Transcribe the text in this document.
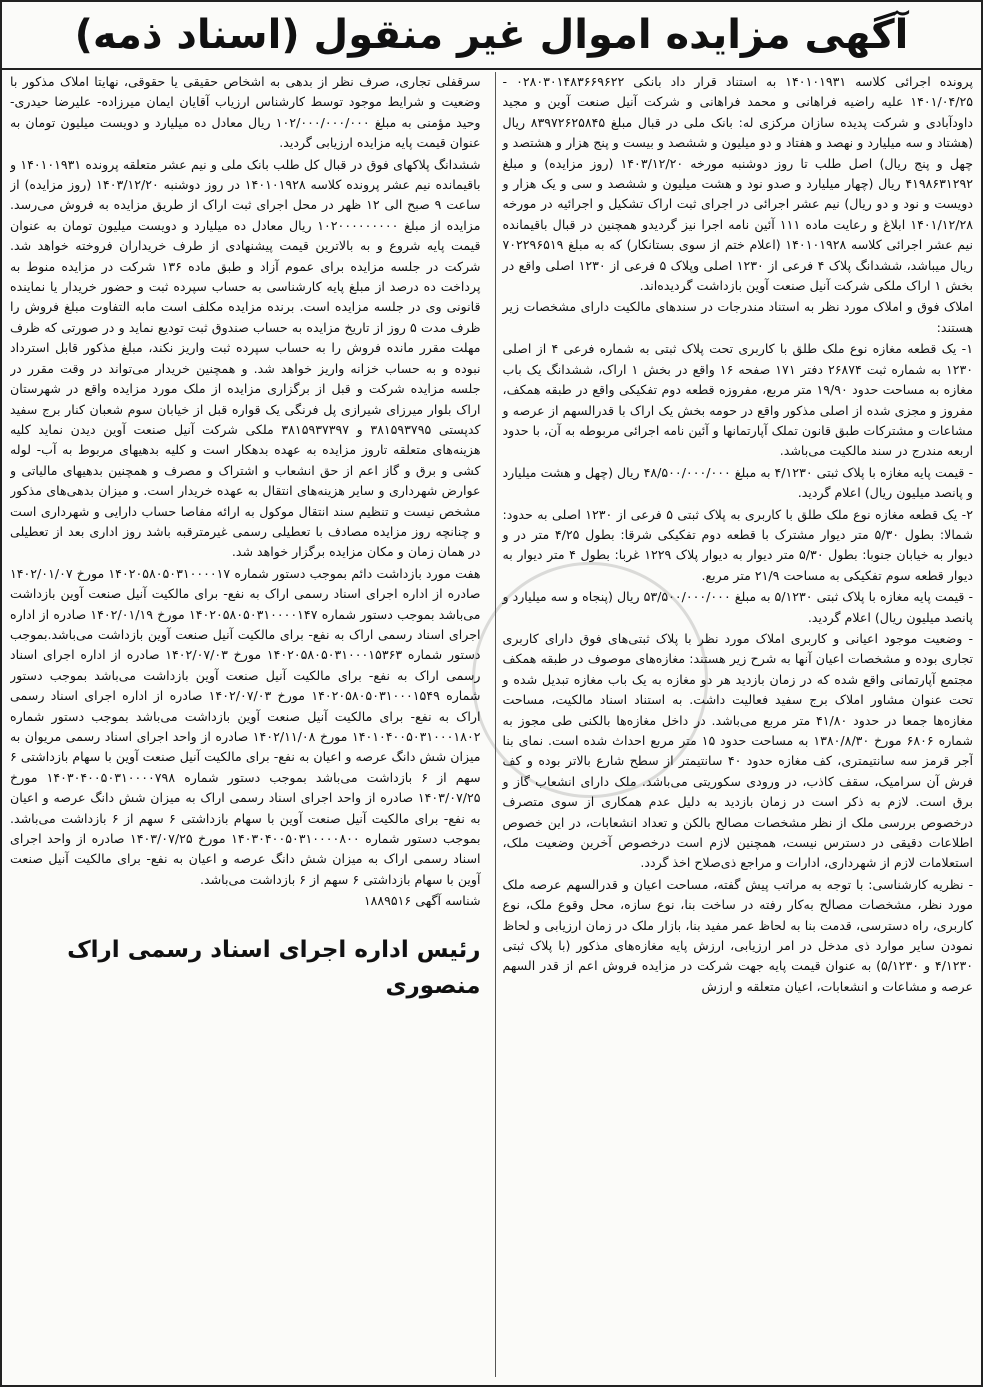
آگهی مزایده اموال غیر منقول (اسناد ذمه)

پرونده اجرائی کلاسه ۱۴۰۱۰۱۹۳۱ به استناد قرار داد بانکی ۰۲۸۰۳۰۱۴۸۳۶۶۹۶۲۲ - ۱۴۰۱/۰۴/۲۵ علیه راضیه فراهانی و محمد فراهانی و شرکت آنیل صنعت آوین و مجید داودآبادی و شرکت پدیده سازان مرکزی له: بانک ملی در قبال مبلغ ۸۳۹۷۲۶۲۵۸۴۵ ریال (هشتاد و سه میلیارد و نهصد و هفتاد و دو میلیون و ششصد و بیست و پنج هزار و هشتصد و چهل و پنج ریال) اصل طلب تا روز دوشنبه مورخه ۱۴۰۳/۱۲/۲۰ (روز مزایده) و مبلغ ۴۱۹۸۶۳۱۲۹۲ ریال (چهار میلیارد و صدو نود و هشت میلیون و ششصد و سی و یک هزار و دویست و نود و دو ریال) نیم عشر اجرائی در اجرای ثبت اراک تشکیل و اجرائیه در مورخه ۱۴۰۱/۱۲/۲۸ ابلاغ و رعایت ماده ۱۱۱ آئین نامه اجرا نیز گردیدو همچنین در قبال باقیمانده نیم عشر اجرائی کلاسه ۱۴۰۱۰۱۹۲۸ (اعلام ختم از سوی بستانکار) که به مبلغ ۷۰۲۲۹۶۵۱۹ ریال میباشد، ششدانگ پلاک ۴ فرعی از ۱۲۳۰ اصلی وپلاک ۵ فرعی از ۱۲۳۰ اصلی واقع در بخش ۱ اراک ملکی شرکت آنیل صنعت آوین بازداشت گردیده‌اند.

املاک فوق و املاک مورد نظر به استناد مندرجات در سندهای مالکیت دارای مشخصات زیر هستند:

۱- یک قطعه مغازه نوع ملک طلق با کاربری تحت پلاک ثبتی به شماره فرعی ۴ از اصلی ۱۲۳۰ به شماره ثبت ۲۶۸۷۴ دفتر ۱۷۱ صفحه ۱۶ واقع در بخش ۱ اراک، ششدانگ یک باب مغازه به مساحت حدود ۱۹/۹۰ متر مربع، مفروزه قطعه دوم تفکیکی واقع در طبقه همکف، مفروز و مجزی شده از اصلی مذکور واقع در حومه بخش یک اراک با قدرالسهم از عرصه و مشاعات و مشترکات طبق قانون تملک آپارتمانها و آئین نامه اجرائی مربوطه به آن، با حدود اربعه مندرج در سند مالکیت می‌باشد.

- قیمت پایه مغازه با پلاک ثبتی ۴/۱۲۳۰ به مبلغ ۴۸/۵۰۰/۰۰۰/۰۰۰ ریال (چهل و هشت میلیارد و پانصد میلیون ریال) اعلام گردید.

۲- یک قطعه مغازه نوع ملک طلق با کاربری به پلاک ثبتی ۵ فرعی از ۱۲۳۰ اصلی به حدود: شمالا: بطول ۵/۳۰ متر دیوار مشترک با قطعه دوم تفکیکی شرقا: بطول ۴/۲۵ متر در و دیوار به خیابان جنوبا: بطول ۵/۳۰ متر دیوار به دیوار پلاک ۱۲۲۹ غربا: بطول ۴ متر دیوار به دیوار قطعه سوم تفکیکی به مساحت ۲۱/۹ متر مربع.

- قیمت پایه مغازه با پلاک ثبتی ۵/۱۲۳۰ به مبلغ ۵۳/۵۰۰/۰۰۰/۰۰۰ ریال (پنجاه و سه میلیارد و پانصد میلیون ریال) اعلام گردید.

- وضعیت موجود اعیانی و کاربری املاک مورد نظر با پلاک ثبتی‌های فوق دارای کاربری تجاری بوده و مشخصات اعیان آنها به شرح زیر هستند: مغازه‌های موصوف در طبقه همکف مجتمع آپارتمانی واقع شده که در زمان بازدید هر دو مغازه به یک باب مغازه تبدیل شده و تحت عنوان مشاور املاک برج سفید فعالیت داشت. به استناد اسناد مالکیت، مساحت مغازه‌ها جمعا در حدود ۴۱/۸۰ متر مربع می‌باشد. در داخل مغازه‌ها بالکنی طی مجوز به شماره ۶۸۰۶ مورخ ۱۳۸۰/۸/۳۰ به مساحت حدود ۱۵ متر مربع احداث شده است. نمای بنا آجر قرمز سه سانتیمتری، کف مغازه حدود ۴۰ سانتیمتر از سطح شارع بالاتر بوده و کف فرش آن سرامیک، سقف کاذب، در ورودی سکوریتی می‌باشد. ملک دارای انشعاب گاز و برق است. لازم به ذکر است در زمان بازدید به دلیل عدم همکاری از سوی متصرف درخصوص بررسی ملک از نظر مشخصات مصالح بالکن و تعداد انشعابات، در این خصوص اطلاعات دقیقی در دسترس نیست، همچنین لازم است درخصوص آخرین وضعیت ملک، استعلامات لازم از شهرداری، ادارات و مراجع ذی‌صلاح اخذ گردد.

- نظریه کارشناسی: با توجه به مراتب پیش گفته، مساحت اعیان و قدرالسهم عرصه ملک مورد نظر، مشخصات مصالح به‌کار رفته در ساخت بنا، نوع سازه، محل وقوع ملک، نوع کاربری، راه دسترسی، قدمت بنا به لحاظ عمر مفید بنا، بازار ملک در زمان ارزیابی و لحاظ نمودن سایر موارد ذی مدخل در امر ارزیابی، ارزش پایه مغازه‌های مذکور (با پلاک ثبتی ۴/۱۲۳۰ و ۵/۱۲۳۰) به عنوان قیمت پایه جهت شرکت در مزایده فروش اعم از قدر السهم عرصه و مشاعات و انشعابات، اعیان متعلقه و ارزش

سرقفلی تجاری، صرف نظر از بدهی به اشخاص حقیقی یا حقوقی، نهایتا املاک مذکور با وضعیت و شرایط موجود توسط کارشناس ارزیاب آقایان ایمان میرزاده- علیرضا حیدری- وحید مؤمنی به مبلغ ۱۰۲/۰۰۰/۰۰۰/۰۰۰ ریال معادل ده میلیارد و دویست میلیون تومان به عنوان قیمت پایه مزایده ارزیابی گردید.

ششدانگ پلاکهای فوق در قبال کل طلب بانک ملی و نیم عشر متعلقه پرونده ۱۴۰۱۰۱۹۳۱ و باقیمانده نیم عشر پرونده کلاسه ۱۴۰۱۰۱۹۲۸ در روز دوشنبه ۱۴۰۳/۱۲/۲۰ (روز مزایده) از ساعت ۹ صبح الی ۱۲ ظهر در محل اجرای ثبت اراک از طریق مزایده به فروش می‌رسد. مزایده از مبلغ ۱۰۲۰۰۰۰۰۰۰۰۰ ریال معادل ده میلیارد و دویست میلیون تومان به عنوان قیمت پایه شروع و به بالاترین قیمت پیشنهادی از طرف خریداران فروخته خواهد شد. شرکت در جلسه مزایده برای عموم آزاد و طبق ماده ۱۳۶ شرکت در مزایده منوط به پرداخت ده درصد از مبلغ پایه کارشناسی به حساب سپرده ثبت و حضور خریدار یا نماینده قانونی وی در جلسه مزایده است. برنده مزایده مکلف است مابه التفاوت مبلغ فروش را ظرف مدت ۵ روز از تاریخ مزایده به حساب صندوق ثبت تودیع نماید و در صورتی که ظرف مهلت مقرر مانده فروش را به حساب سپرده ثبت واریز نکند، مبلغ مذکور قابل استرداد نبوده و به حساب خزانه واریز خواهد شد. و همچنین خریدار می‌تواند در وقت مقرر در جلسه مزایده شرکت و قبل از برگزاری مزایده از ملک مورد مزایده واقع در شهرستان اراک بلوار میرزای شیرازی پل فرنگی یک قواره قبل از خیابان سوم شعبان کنار برج سفید کدپستی ۳۸۱۵۹۳۷۹۵ و ۳۸۱۵۹۳۷۳۹۷ ملکی شرکت آنیل صنعت آوین دیدن نماید کلیه هزینه‌های متعلقه تاروز مزایده به عهده بدهکار است و کلیه بدهیهای مربوط به آب- لوله کشی و برق و گاز اعم از حق انشعاب و اشتراک و مصرف و همچنین بدهیهای مالیاتی و عوارض شهرداری و سایر هزینه‌های انتقال به عهده خریدار است. و میزان بدهی‌های مذکور مشخص نیست و تنظیم سند انتقال موکول به ارائه مفاصا حساب دارایی و شهرداری است و چنانچه روز مزایده مصادف با تعطیلی رسمی غیرمترقبه باشد روز اداری بعد از تعطیلی در همان زمان و مکان مزایده برگزار خواهد شد.

هفت مورد بازداشت دائم بموجب دستور شماره ۱۴۰۲۰۵۸۰۵۰۳۱۰۰۰۰۱۷ مورخ ۱۴۰۲/۰۱/۰۷ صادره از اداره اجرای اسناد رسمی اراک به نفع- برای مالکیت آنیل صنعت آوین بازداشت می‌باشد بموجب دستور شماره ۱۴۰۲۰۵۸۰۵۰۳۱۰۰۰۰۱۴۷ مورخ ۱۴۰۲/۰۱/۱۹ صادره از اداره اجرای اسناد رسمی اراک به نفع- برای مالکیت آنیل صنعت آوین بازداشت می‌باشد.بموجب دستور شماره ۱۴۰۲۰۵۸۰۵۰۳۱۰۰۰۱۵۳۶۳ مورخ ۱۴۰۲/۰۷/۰۳ صادره از اداره اجرای اسناد رسمی اراک به نفع- برای مالکیت آنیل صنعت آوین بازداشت می‌باشد بموجب دستور شماره ۱۴۰۲۰۵۸۰۵۰۳۱۰۰۰۱۵۴۹ مورخ ۱۴۰۲/۰۷/۰۳ صادره از اداره اجرای اسناد رسمی اراک به نفع- برای مالکیت آنیل صنعت آوین بازداشت می‌باشد بموجب دستور شماره ۱۴۰۱۰۴۰۰۵۰۳۱۰۰۰۱۸۰۲ مورخ ۱۴۰۲/۱۱/۰۸ صادره از واحد اجرای اسناد رسمی مریوان به میزان شش دانگ عرصه و اعیان به نفع- برای مالکیت آنیل صنعت آوین با سهام بازداشتی ۶ سهم از ۶ بازداشت می‌باشد بموجب دستور شماره ۱۴۰۳۰۴۰۰۵۰۳۱۰۰۰۰۷۹۸ مورخ ۱۴۰۳/۰۷/۲۵ صادره از واحد اجرای اسناد رسمی اراک به میزان شش دانگ عرصه و اعیان به نفع- برای مالکیت آنیل صنعت آوین با سهام بازداشتی ۶ سهم از ۶ بازداشت می‌باشد. بموجب دستور شماره ۱۴۰۳۰۴۰۰۵۰۳۱۰۰۰۰۸۰۰ مورخ ۱۴۰۳/۰۷/۲۵ صادره از واحد اجرای اسناد رسمی اراک به میزان شش دانگ عرصه و اعیان به نفع- برای مالکیت آنیل صنعت آوین با سهام بازداشتی ۶ سهم از ۶ بازداشت می‌باشد.

شناسه آگهی ۱۸۸۹۵۱۶

رئیس اداره اجرای اسناد رسمی اراک
منصوری
